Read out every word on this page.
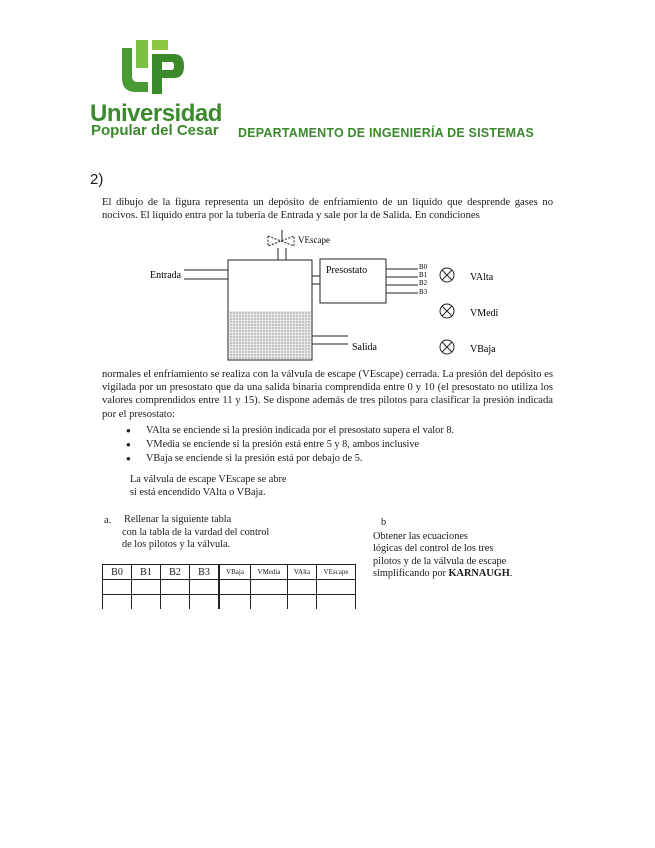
Universidad
Popular del Cesar DEPARTAMENTO DE INGENIERÍA DE SISTEMAS
2)

El dibujo de la figura representa un depósito de enfriamiento de un líquido que desprende gases no nocivos. El líquido entra por la tubería de Entrada y sale por la de Salida. En condiciones

VEscape
Entrada
Salida
Presostato	B0
B1
B2
B3
VAlta
VMedi
VBaja

normales el enfriamiento se realiza con la válvula de escape (VEscape) cerrada. La presión del depósito es vigilada por un presostato que da una salida binaria comprendida entre 0 y 10 (el presostato no utiliza los valores comprendidos entre 11 y 15). Se dispone además de tres pilotos para clasificar la presión indicada por el presostato:

● VAlta se enciende si la presión indicada por el presostato supera el valor 8.
● VMedia se enciende si la presión está entre 5 y 8, ambos inclusive
● VBaja se enciende si la presión está por debajo de 5.
La válvula de escape VEscape se abre
si está encendido VAlta o VBaja.
a. Rellenar la siguiente tabla
con la tabla de la vardad del control
de los pilotos y la válvula.
b
Obtener las ecuaciones
lógicas del control de los tres
pilotos y de la válvula de escape
simplificando por KARNAUGH.
B0	B1	B2	B3	VBaja	VMedia	VAlta	VEscape
